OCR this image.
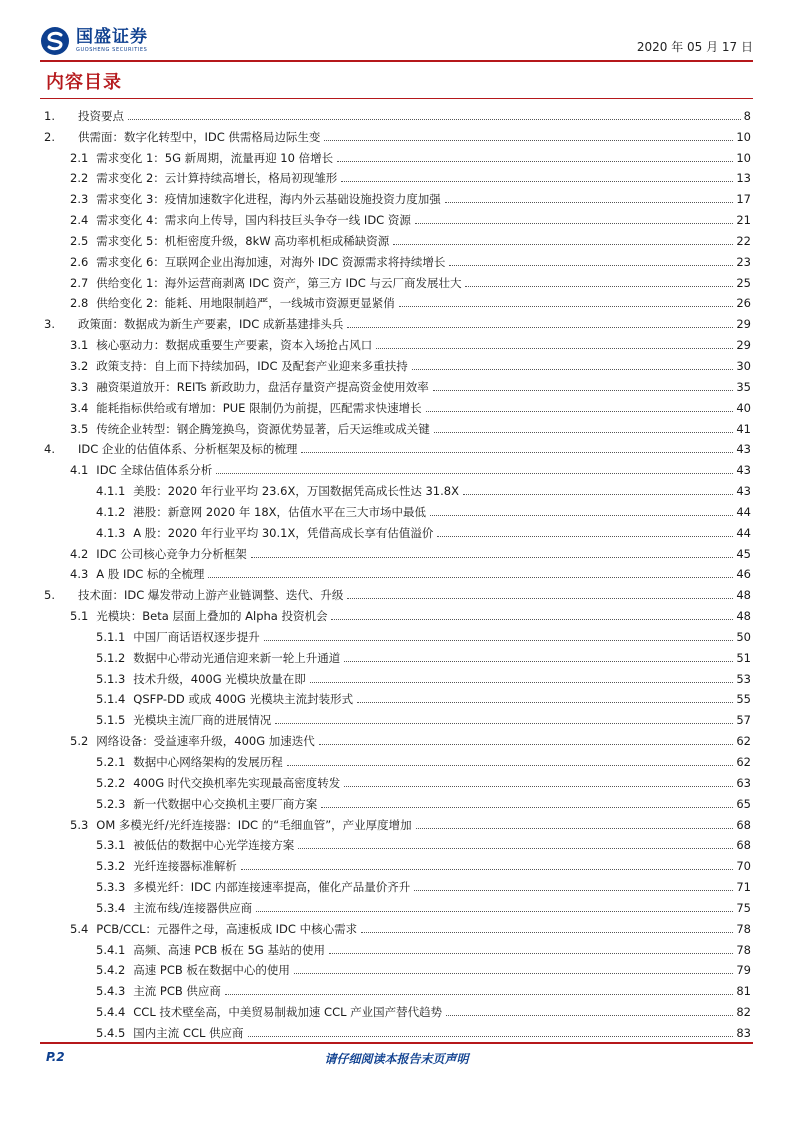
国盛证券
GUOSHENG SECURITIES	2020 年 05 月 17 日
内容目录
1.	投资要点	8
2.	供需面：数字化转型中，IDC 供需格局边际生变	10
2.1 需求变化 1：5G 新周期，流量再迎 10 倍增长	10
2.2 需求变化 2：云计算持续高增长，格局初现雏形	13
2.3 需求变化 3：疫情加速数字化进程，海内外云基础设施投资力度加强	17
2.4 需求变化 4：需求向上传导，国内科技巨头争夺一线 IDC 资源	21
2.5 需求变化 5：机柜密度升级，8kW 高功率机柜成稀缺资源	22
2.6 需求变化 6：互联网企业出海加速，对海外 IDC 资源需求将持续增长	23
2.7 供给变化 1：海外运营商剥离 IDC 资产，第三方 IDC 与云厂商发展壮大	25
2.8 供给变化 2：能耗、用地限制趋严，一线城市资源更显紧俏	26
3.	政策面：数据成为新生产要素，IDC 成新基建排头兵	29
3.1 核心驱动力：数据成重要生产要素，资本入场抢占风口	29
3.2 政策支持：自上而下持续加码，IDC 及配套产业迎来多重扶持	30
3.3 融资渠道放开：REITs 新政助力，盘活存量资产提高资金使用效率	35
3.4 能耗指标供给或有增加：PUE 限制仍为前提，匹配需求快速增长	40
3.5 传统企业转型：钢企腾笼换鸟，资源优势显著，后天运维或成关键	41
4.	IDC 企业的估值体系、分析框架及标的梳理	43
4.1 IDC 全球估值体系分析	43
4.1.1 美股：2020 年行业平均 23.6X，万国数据凭高成长性达 31.8X	43
4.1.2 港股：新意网 2020 年 18X，估值水平在三大市场中最低	44
4.1.3 A 股：2020 年行业平均 30.1X，凭借高成长享有估值溢价	44
4.2 IDC 公司核心竞争力分析框架	45
4.3 A 股 IDC 标的全梳理	46
5.	技术面：IDC 爆发带动上游产业链调整、迭代、升级	48
5.1 光模块：Beta 层面上叠加的 Alpha 投资机会	48
5.1.1 中国厂商话语权逐步提升	50
5.1.2 数据中心带动光通信迎来新一轮上升通道	51
5.1.3 技术升级，400G 光模块放量在即	53
5.1.4 QSFP-DD 或成 400G 光模块主流封装形式	55
5.1.5 光模块主流厂商的进展情况	57
5.2 网络设备：受益速率升级，400G 加速迭代	62
5.2.1 数据中心网络架构的发展历程	62
5.2.2 400G 时代交换机率先实现最高密度转发	63
5.2.3 新一代数据中心交换机主要厂商方案	65
5.3 OM 多模光纤/光纤连接器：IDC 的“毛细血管”，产业厚度增加	68
5.3.1 被低估的数据中心光学连接方案	68
5.3.2 光纤连接器标准解析	70
5.3.3 多模光纤：IDC 内部连接速率提高，催化产品量价齐升	71
5.3.4 主流布线/连接器供应商	75
5.4 PCB/CCL：元器件之母，高速板成 IDC 中核心需求	78
5.4.1 高频、高速 PCB 板在 5G 基站的使用	78
5.4.2 高速 PCB 板在数据中心的使用	79
5.4.3 主流 PCB 供应商	81
5.4.4 CCL 技术壁垒高，中美贸易制裁加速 CCL 产业国产替代趋势	82
5.4.5 国内主流 CCL 供应商	83
请仔细阅读本报告末页声明
P.2
